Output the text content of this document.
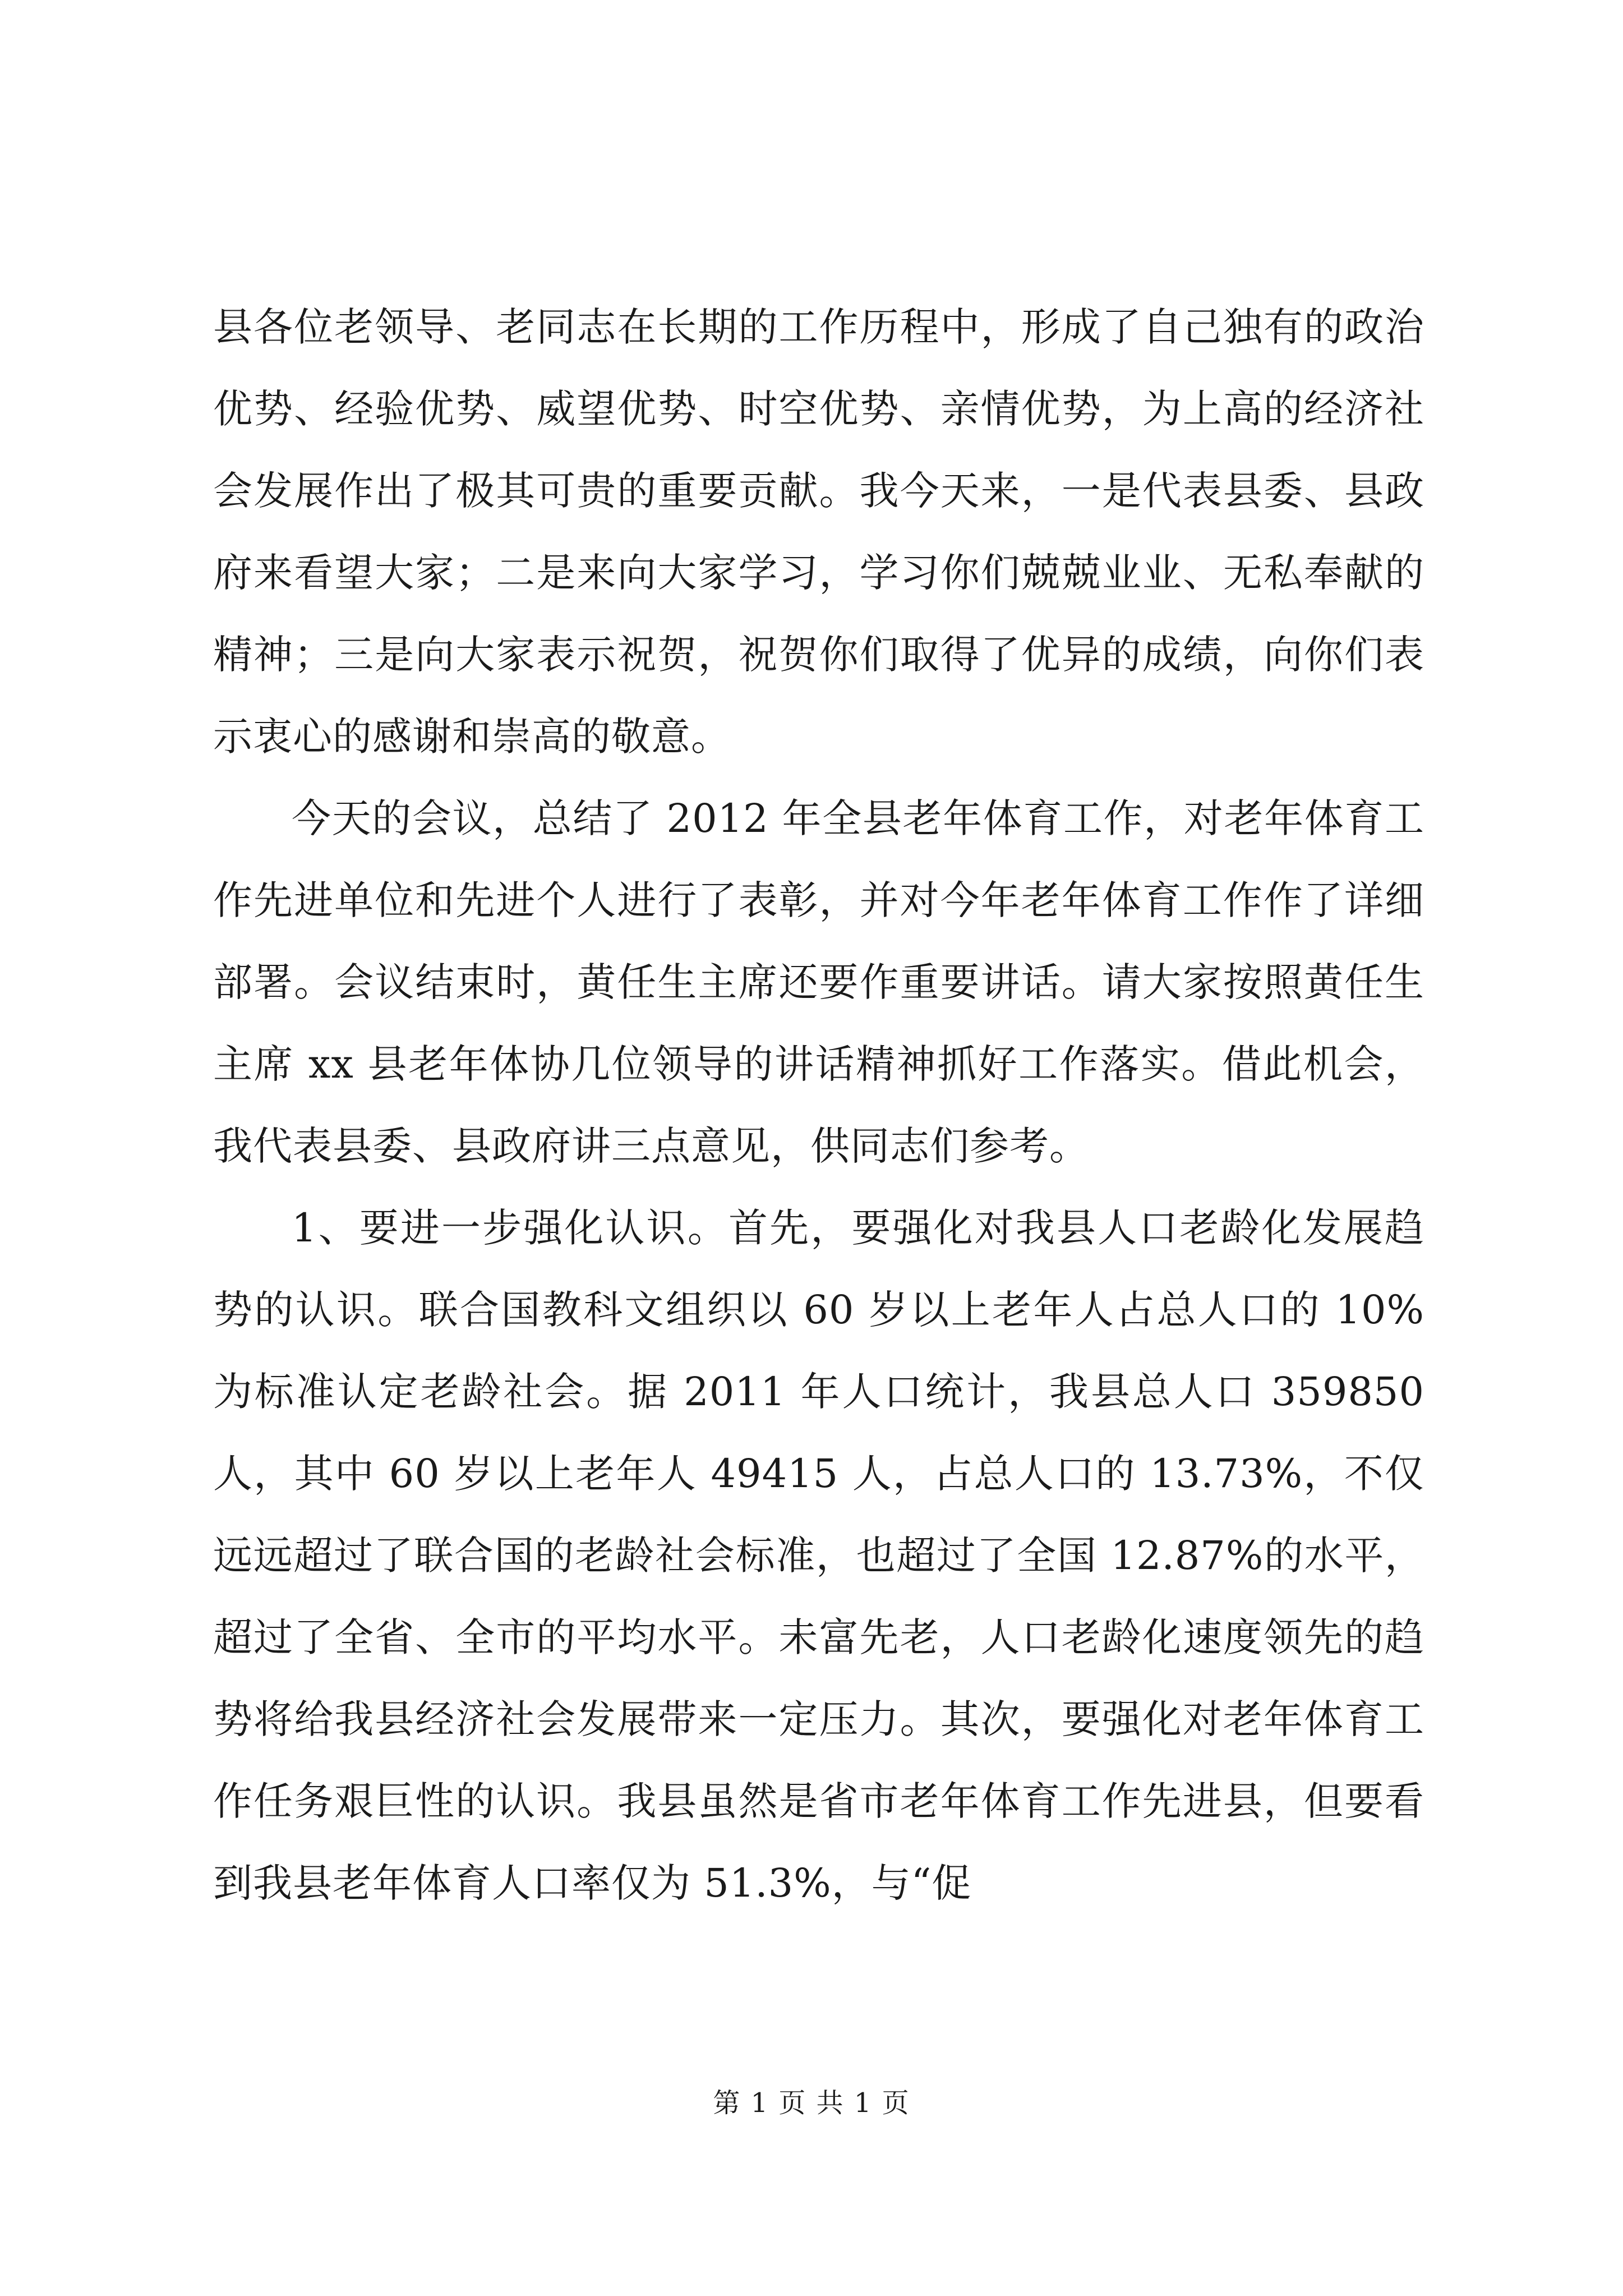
县各位老领导、老同志在长期的工作历程中，形成了自己独有的政治优势、经验优势、威望优势、时空优势、亲情优势，为上高的经济社会发展作出了极其可贵的重要贡献。我今天来，一是代表县委、县政府来看望大家；二是来向大家学习，学习你们兢兢业业、无私奉献的精神；三是向大家表示祝贺，祝贺你们取得了优异的成绩，向你们表示衷心的感谢和崇高的敬意。

今天的会议，总结了 2012 年全县老年体育工作，对老年体育工作先进单位和先进个人进行了表彰，并对今年老年体育工作作了详细部署。会议结束时，黄任生主席还要作重要讲话。请大家按照黄任生主席 xx 县老年体协几位领导的讲话精神抓好工作落实。借此机会，我代表县委、县政府讲三点意见，供同志们参考。

1、要进一步强化认识。首先，要强化对我县人口老龄化发展趋势的认识。联合国教科文组织以 60 岁以上老年人占总人口的 10%为标准认定老龄社会。据 2011 年人口统计，我县总人口 359850 人，其中 60 岁以上老年人 49415 人，占总人口的 13.73%，不仅远远超过了联合国的老龄社会标准，也超过了全国 12.87%的水平，超过了全省、全市的平均水平。未富先老，人口老龄化速度领先的趋势将给我县经济社会发展带来一定压力。其次，要强化对老年体育工作任务艰巨性的认识。我县虽然是省市老年体育工作先进县，但要看到我县老年体育人口率仅为 51.3%，与“促

第 1 页 共 1 页
